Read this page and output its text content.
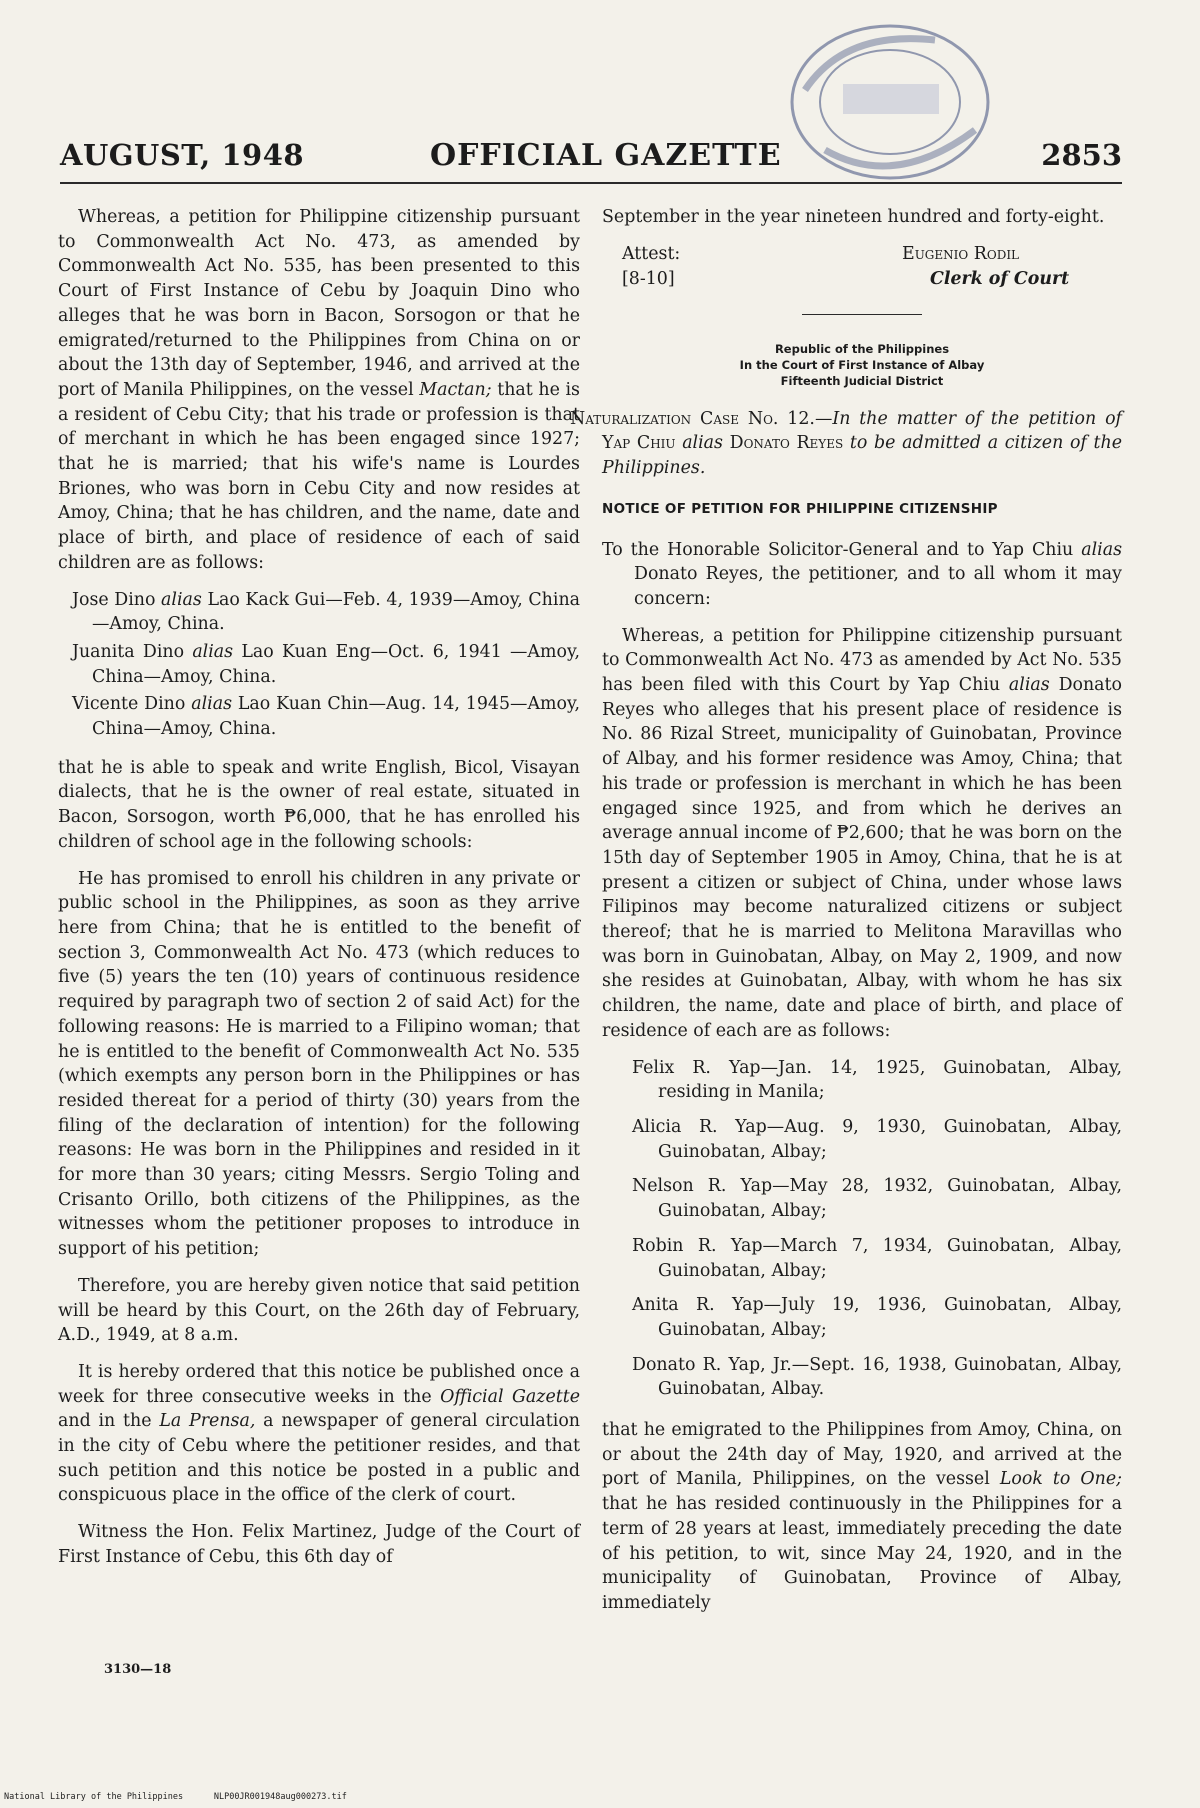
AUGUST, 1948	OFFICIAL GAZETTE	2853

Whereas, a petition for Philippine citizenship pursuant to Commonwealth Act No. 473, as amended by Commonwealth Act No. 535, has been presented to this Court of First Instance of Cebu by Joaquin Dino who alleges that he was born in Bacon, Sorsogon or that he emigrated/returned to the Philippines from China on or about the 13th day of September, 1946, and arrived at the port of Manila Philippines, on the vessel Mactan; that he is a resident of Cebu City; that his trade or profession is that of merchant in which he has been engaged since 1927; that he is married; that his wife's name is Lourdes Briones, who was born in Cebu City and now resides at Amoy, China; that he has children, and the name, date and place of birth, and place of residence of each of said children are as follows:

Jose Dino alias Lao Kack Gui—Feb. 4, 1939—Amoy, China—Amoy, China.

Juanita Dino alias Lao Kuan Eng—Oct. 6, 1941 —Amoy, China—Amoy, China.

Vicente Dino alias Lao Kuan Chin—Aug. 14, 1945—Amoy, China—Amoy, China.

that he is able to speak and write English, Bicol, Visayan dialects, that he is the owner of real estate, situated in Bacon, Sorsogon, worth ₱6,000, that he has enrolled his children of school age in the following schools:

He has promised to enroll his children in any private or public school in the Philippines, as soon as they arrive here from China; that he is entitled to the benefit of section 3, Commonwealth Act No. 473 (which reduces to five (5) years the ten (10) years of continuous residence required by paragraph two of section 2 of said Act) for the following reasons: He is married to a Filipino woman; that he is entitled to the benefit of Commonwealth Act No. 535 (which exempts any person born in the Philippines or has resided thereat for a period of thirty (30) years from the filing of the declaration of intention) for the following reasons: He was born in the Philippines and resided in it for more than 30 years; citing Messrs. Sergio Toling and Crisanto Orillo, both citizens of the Philippines, as the witnesses whom the petitioner proposes to introduce in support of his petition;

Therefore, you are hereby given notice that said petition will be heard by this Court, on the 26th day of February, A.D., 1949, at 8 a.m.

It is hereby ordered that this notice be published once a week for three consecutive weeks in the Official Gazette and in the La Prensa, a newspaper of general circulation in the city of Cebu where the petitioner resides, and that such petition and this notice be posted in a public and conspicuous place in the office of the clerk of court.

Witness the Hon. Felix Martinez, Judge of the Court of First Instance of Cebu, this 6th day of

3130—18

September in the year nineteen hundred and forty-eight.

Attest:
[8-10]
Eugenio Rodil
Clerk of Court
Republic of the Philippines
In the Court of First Instance of Albay
Fifteenth Judicial District

Naturalization Case No. 12.—In the matter of the petition of Yap Chiu alias Donato Reyes to be admitted a citizen of the Philippines.

NOTICE OF PETITION FOR PHILIPPINE CITIZENSHIP

To the Honorable Solicitor-General and to Yap Chiu alias Donato Reyes, the petitioner, and to all whom it may concern:

Whereas, a petition for Philippine citizenship pursuant to Commonwealth Act No. 473 as amended by Act No. 535 has been filed with this Court by Yap Chiu alias Donato Reyes who alleges that his present place of residence is No. 86 Rizal Street, municipality of Guinobatan, Province of Albay, and his former residence was Amoy, China; that his trade or profession is merchant in which he has been engaged since 1925, and from which he derives an average annual income of ₱2,600; that he was born on the 15th day of September 1905 in Amoy, China, that he is at present a citizen or subject of China, under whose laws Filipinos may become naturalized citizens or subject thereof; that he is married to Melitona Maravillas who was born in Guinobatan, Albay, on May 2, 1909, and now she resides at Guinobatan, Albay, with whom he has six children, the name, date and place of birth, and place of residence of each are as follows:

Felix R. Yap—Jan. 14, 1925, Guinobatan, Albay, residing in Manila;

Alicia R. Yap—Aug. 9, 1930, Guinobatan, Albay, Guinobatan, Albay;

Nelson R. Yap—May 28, 1932, Guinobatan, Albay, Guinobatan, Albay;

Robin R. Yap—March 7, 1934, Guinobatan, Albay, Guinobatan, Albay;

Anita R. Yap—July 19, 1936, Guinobatan, Albay, Guinobatan, Albay;

Donato R. Yap, Jr.—Sept. 16, 1938, Guinobatan, Albay, Guinobatan, Albay.

that he emigrated to the Philippines from Amoy, China, on or about the 24th day of May, 1920, and arrived at the port of Manila, Philippines, on the vessel Look to One; that he has resided continuously in the Philippines for a term of 28 years at least, immediately preceding the date of his petition, to wit, since May 24, 1920, and in the municipality of Guinobatan, Province of Albay, immediately

National Library of the Philippines	NLP00JR001948aug000273.tif
